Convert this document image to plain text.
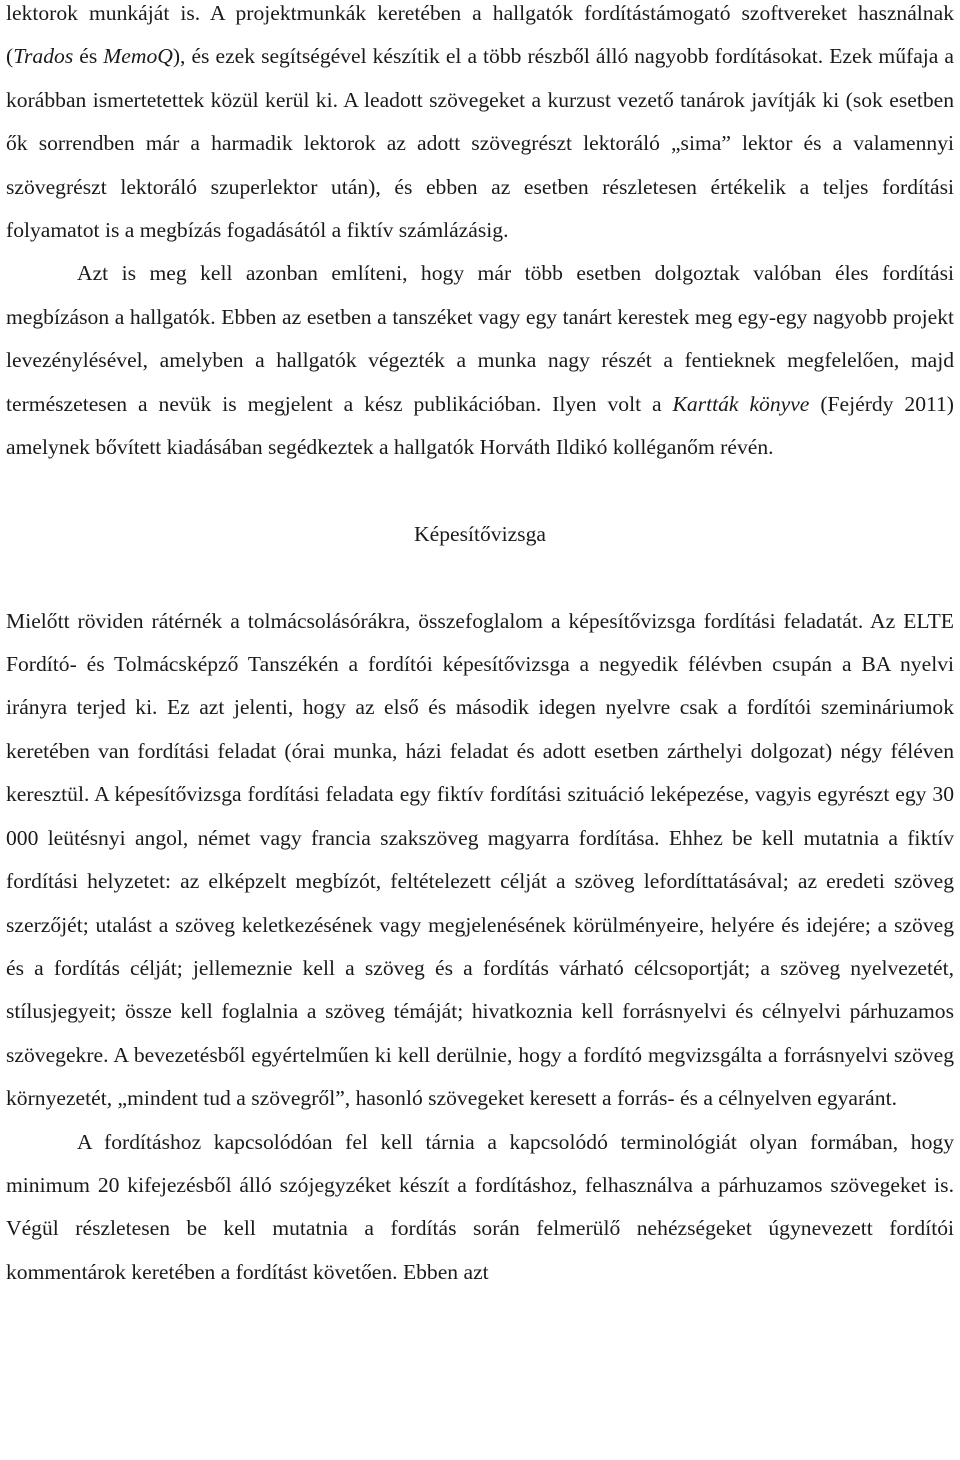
lektorok munkáját is. A projektmunkák keretében a hallgatók fordítástámogató szoftvereket használnak (Trados és MemoQ), és ezek segítségével készítik el a több részből álló nagyobb fordításokat. Ezek műfaja a korábban ismertetettek közül kerül ki. A leadott szövegeket a kurzust vezető tanárok javítják ki (sok esetben ők sorrendben már a harmadik lektorok az adott szövegrészt lektoráló „sima” lektor és a valamennyi szövegrészt lektoráló szuperlektor után), és ebben az esetben részletesen értékelik a teljes fordítási folyamatot is a megbízás fogadásától a fiktív számlázásig.

Azt is meg kell azonban említeni, hogy már több esetben dolgoztak valóban éles fordítási megbízáson a hallgatók. Ebben az esetben a tanszéket vagy egy tanárt kerestek meg egy-egy nagyobb projekt levezénylésével, amelyben a hallgatók végezték a munka nagy részét a fentieknek megfelelően, majd természetesen a nevük is megjelent a kész publikációban. Ilyen volt a Kartták könyve (Fejérdy 2011) amelynek bővített kiadásában segédkeztek a hallgatók Horváth Ildikó kolléganőm révén.

Képesítővizsga

Mielőtt röviden rátérnék a tolmácsolásórákra, összefoglalom a képesítővizsga fordítási feladatát. Az ELTE Fordító- és Tolmácsképző Tanszékén a fordítói képesítővizsga a negyedik félévben csupán a BA nyelvi irányra terjed ki. Ez azt jelenti, hogy az első és második idegen nyelvre csak a fordítói szemináriumok keretében van fordítási feladat (órai munka, házi feladat és adott esetben zárthelyi dolgozat) négy féléven keresztül. A képesítővizsga fordítási feladata egy fiktív fordítási szituáció leképezése, vagyis egyrészt egy 30 000 leütésnyi angol, német vagy francia szakszöveg magyarra fordítása. Ehhez be kell mutatnia a fiktív fordítási helyzetet: az elképzelt megbízót, feltételezett célját a szöveg lefordíttatásával; az eredeti szöveg szerzőjét; utalást a szöveg keletkezésének vagy megjelenésének körülményeire, helyére és idejére; a szöveg és a fordítás célját; jellemeznie kell a szöveg és a fordítás várható célcsoportját; a szöveg nyelvezetét, stílusjegyeit; össze kell foglalnia a szöveg témáját; hivatkoznia kell forrásnyelvi és célnyelvi párhuzamos szövegekre. A bevezetésből egyértelműen ki kell derülnie, hogy a fordító megvizsgálta a forrásnyelvi szöveg környezetét, „mindent tud a szövegről”, hasonló szövegeket keresett a forrás- és a célnyelven egyaránt.

A fordításhoz kapcsolódóan fel kell tárnia a kapcsolódó terminológiát olyan formában, hogy minimum 20 kifejezésből álló szójegyzéket készít a fordításhoz, felhasználva a párhuzamos szövegeket is. Végül részletesen be kell mutatnia a fordítás során felmerülő nehézségeket úgynevezett fordítói kommentárok keretében a fordítást követően. Ebben azt
